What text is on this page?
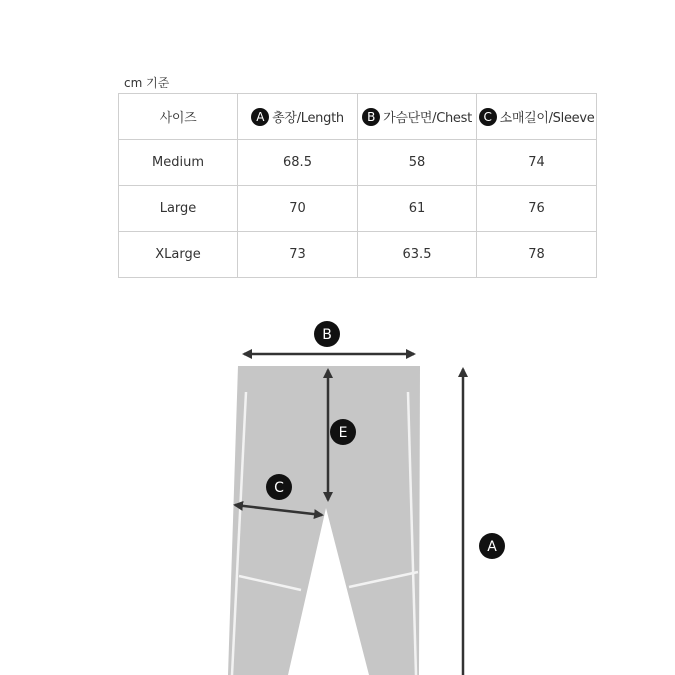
cm 기준
사이즈	A 총장/Length	B 가슴단면/Chest	C 소매길이/Sleeve
Medium	68.5	58	74
Large	70	61	76
XLarge	73	63.5	78
B
E
C
A
